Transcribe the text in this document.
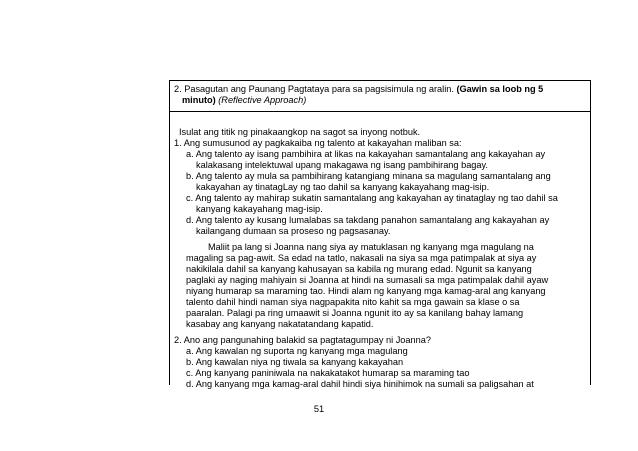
2. Pasagutan ang Paunang Pagtataya para sa pagsisimula ng aralin. (Gawin sa loob ng 5
minuto) (Reflective Approach)
Isulat ang titik ng pinakaangkop na sagot sa inyong notbuk.
1. Ang sumusunod ay pagkakaiba ng talento at kakayahan maliban sa:
a. Ang talento ay isang pambihira at likas na kakayahan samantalang ang kakayahan ay
kalakasang intelektuwal upang makagawa ng isang pambihirang bagay.
b. Ang talento ay mula sa pambihirang katangiang minana sa magulang samantalang ang
kakayahan ay tinatagLay ng tao dahil sa kanyang kakayahang mag-isip.
c. Ang talento ay mahirap sukatin samantalang ang kakayahan ay tinataglay ng tao dahil sa
kanyang kakayahang mag-isip.
d. Ang talento ay kusang lumalabas sa takdang panahon samantalang ang kakayahan ay
kailangang dumaan sa proseso ng pagsasanay.
Maliit pa lang si Joanna nang siya ay matuklasan ng kanyang mga magulang na
magaling sa pag-awit. Sa edad na tatlo, nakasali na siya sa mga patimpalak at siya ay
nakikilala dahil sa kanyang kahusayan sa kabila ng murang edad. Ngunit sa kanyang
paglaki ay naging mahiyain si Joanna at hindi na sumasali sa mga patimpalak dahil ayaw
niyang humarap sa maraming tao. Hindi alam ng kanyang mga kamag-aral ang kanyang
talento dahil hindi naman siya nagpapakita nito kahit sa mga gawain sa klase o sa
paaralan. Palagi pa ring umaawit si Joanna ngunit ito ay sa kanilang bahay lamang
kasabay ang kanyang nakatatandang kapatid.
2. Ano ang pangunahing balakid sa pagtatagumpay ni Joanna?
a. Ang kawalan ng suporta ng kanyang mga magulang
b. Ang kawalan niya ng tiwala sa kanyang kakayahan
c. Ang kanyang paniniwala na nakakatakot humarap sa maraming tao
d. Ang kanyang mga kamag-aral dahil hindi siya hinihimok na sumali sa paligsahan at
51
